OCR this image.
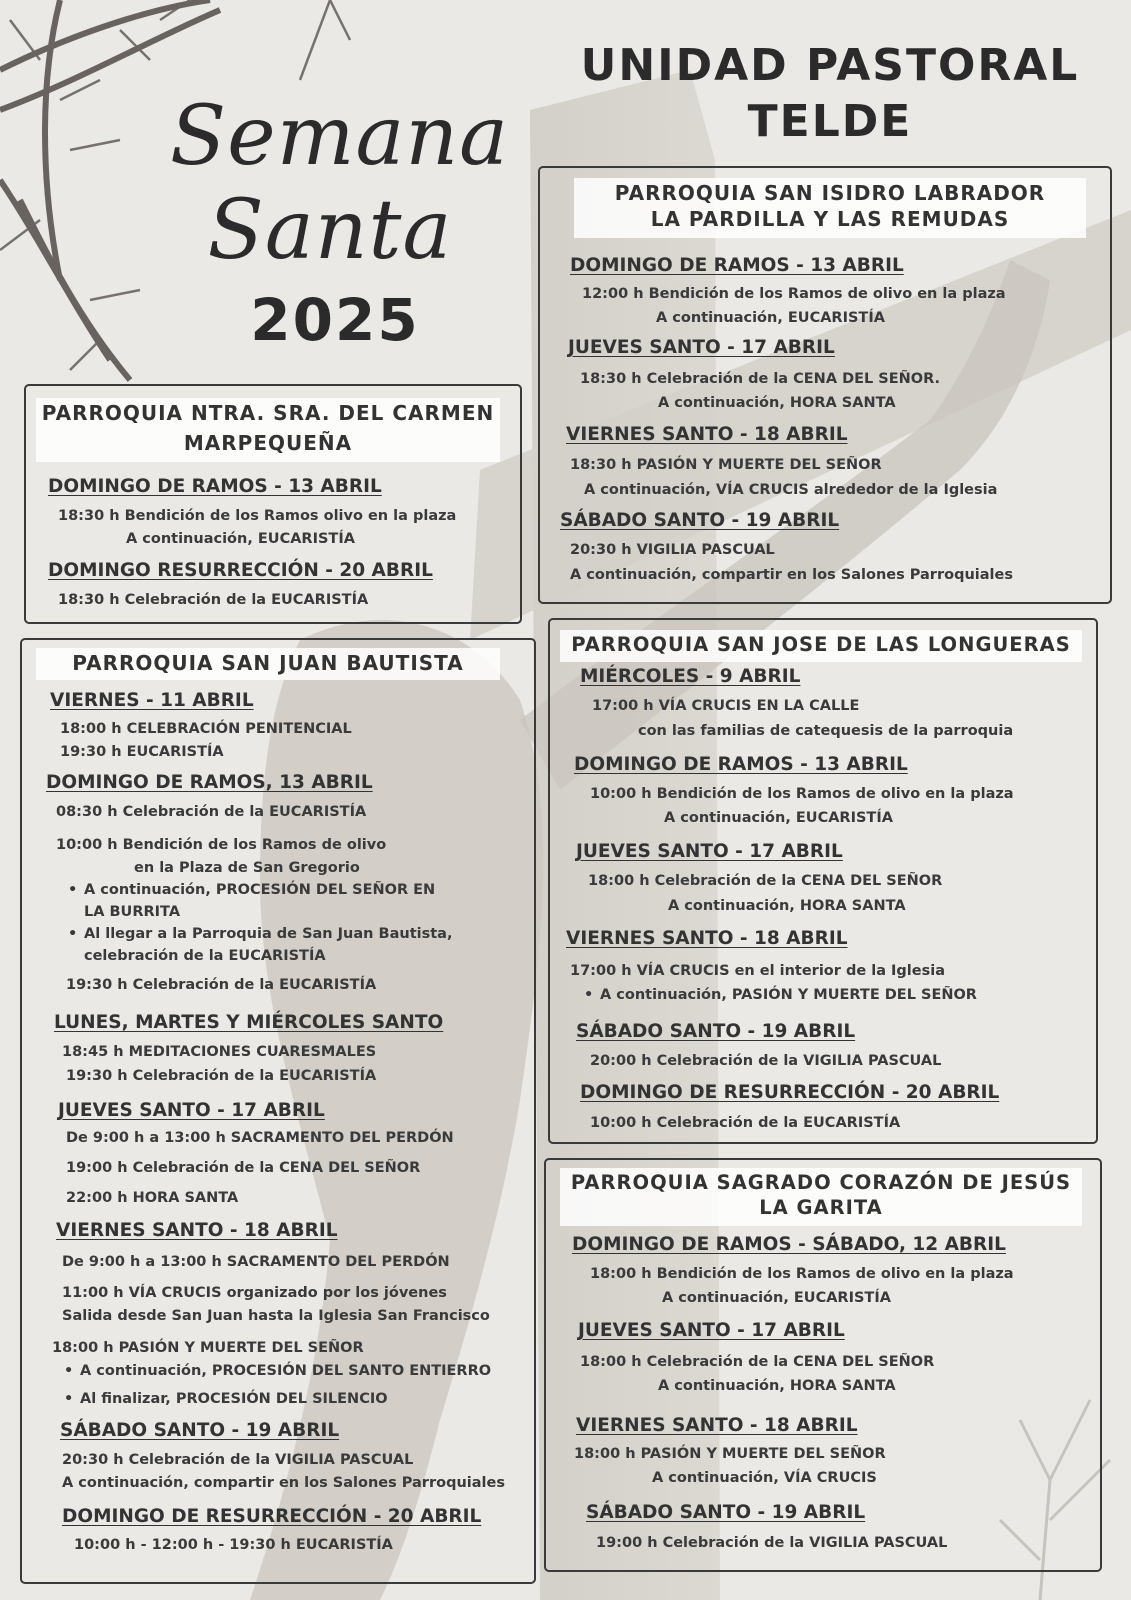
Semana
Santa
2025
UNIDAD PASTORAL
TELDE
PARROQUIA NTRA. SRA. DEL CARMEN
MARPEQUEÑA
DOMINGO DE RAMOS - 13 ABRIL
18:30 h Bendición de los Ramos olivo en la plaza
A continuación, EUCARISTÍA
DOMINGO RESURRECCIÓN - 20 ABRIL
18:30 h Celebración de la EUCARISTÍA
PARROQUIA SAN JUAN BAUTISTA
VIERNES - 11 ABRIL
18:00 h CELEBRACIÓN PENITENCIAL
19:30 h EUCARISTÍA
DOMINGO DE RAMOS, 13 ABRIL
08:30 h Celebración de la EUCARISTÍA
10:00 h Bendición de los Ramos de olivo
en la Plaza de San Gregorio
• A continuación, PROCESIÓN DEL SEÑOR EN
LA BURRITA
• Al llegar a la Parroquia de San Juan Bautista,
celebración de la EUCARISTÍA
19:30 h Celebración de la EUCARISTÍA
LUNES, MARTES Y MIÉRCOLES SANTO
18:45 h MEDITACIONES CUARESMALES
19:30 h Celebración de la EUCARISTÍA
JUEVES SANTO - 17 ABRIL
De 9:00 h a 13:00 h SACRAMENTO DEL PERDÓN
19:00 h Celebración de la CENA DEL SEÑOR
22:00 h HORA SANTA
VIERNES SANTO - 18 ABRIL
De 9:00 h a 13:00 h SACRAMENTO DEL PERDÓN
11:00 h VÍA CRUCIS organizado por los jóvenes
Salida desde San Juan hasta la Iglesia San Francisco
18:00 h PASIÓN Y MUERTE DEL SEÑOR
• A continuación, PROCESIÓN DEL SANTO ENTIERRO
• Al finalizar, PROCESIÓN DEL SILENCIO
SÁBADO SANTO - 19 ABRIL
20:30 h Celebración de la VIGILIA PASCUAL
A continuación, compartir en los Salones Parroquiales
DOMINGO DE RESURRECCIÓN - 20 ABRIL
10:00 h - 12:00 h - 19:30 h EUCARISTÍA
PARROQUIA SAN ISIDRO LABRADOR
LA PARDILLA Y LAS REMUDAS
DOMINGO DE RAMOS - 13 ABRIL
12:00 h Bendición de los Ramos de olivo en la plaza
A continuación, EUCARISTÍA
JUEVES SANTO - 17 ABRIL
18:30 h Celebración de la CENA DEL SEÑOR.
A continuación, HORA SANTA
VIERNES SANTO - 18 ABRIL
18:30 h PASIÓN Y MUERTE DEL SEÑOR
A continuación, VÍA CRUCIS alrededor de la Iglesia
SÁBADO SANTO - 19 ABRIL
20:30 h VIGILIA PASCUAL
A continuación, compartir en los Salones Parroquiales
PARROQUIA SAN JOSE DE LAS LONGUERAS
MIÉRCOLES - 9 ABRIL
17:00 h VÍA CRUCIS EN LA CALLE
con las familias de catequesis de la parroquia
DOMINGO DE RAMOS - 13 ABRIL
10:00 h Bendición de los Ramos de olivo en la plaza
A continuación, EUCARISTÍA
JUEVES SANTO - 17 ABRIL
18:00 h Celebración de la CENA DEL SEÑOR
A continuación, HORA SANTA
VIERNES SANTO - 18 ABRIL
17:00 h VÍA CRUCIS en el interior de la Iglesia
• A continuación, PASIÓN Y MUERTE DEL SEÑOR
SÁBADO SANTO - 19 ABRIL
20:00 h Celebración de la VIGILIA PASCUAL
DOMINGO DE RESURRECCIÓN - 20 ABRIL
10:00 h Celebración de la EUCARISTÍA
PARROQUIA SAGRADO CORAZÓN DE JESÚS
LA GARITA
DOMINGO DE RAMOS - SÁBADO, 12 ABRIL
18:00 h Bendición de los Ramos de olivo en la plaza
A continuación, EUCARISTÍA
JUEVES SANTO - 17 ABRIL
18:00 h Celebración de la CENA DEL SEÑOR
A continuación, HORA SANTA
VIERNES SANTO - 18 ABRIL
18:00 h PASIÓN Y MUERTE DEL SEÑOR
A continuación, VÍA CRUCIS
SÁBADO SANTO - 19 ABRIL
19:00 h Celebración de la VIGILIA PASCUAL
